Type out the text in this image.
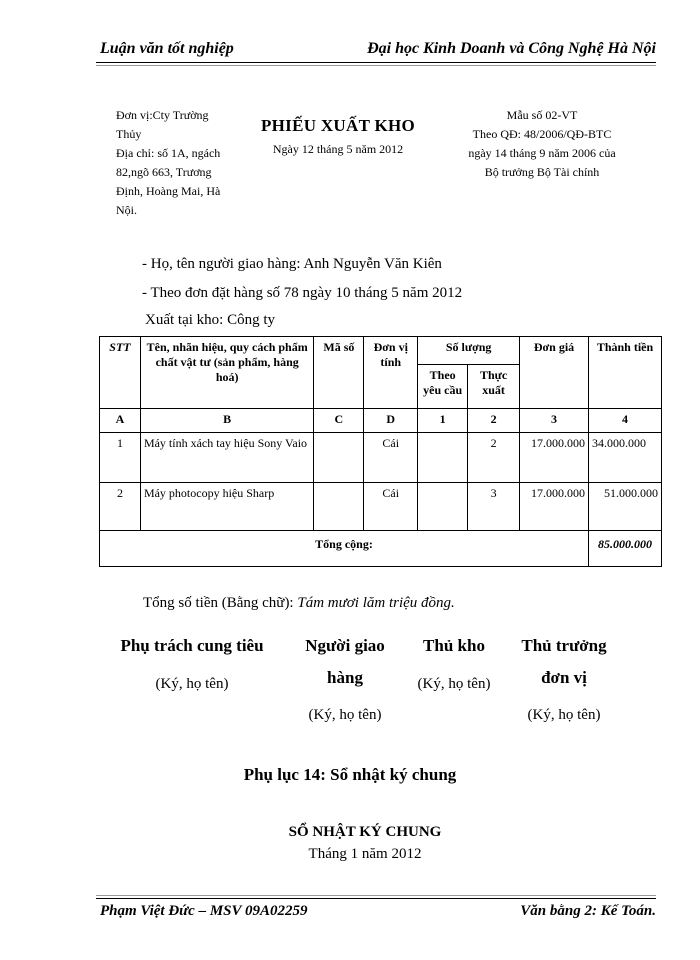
Luận văn tốt nghiệp	Đại học Kinh Doanh và Công Nghệ Hà Nội
Đơn vị:Cty Trường
Thủy
Địa chỉ: số 1A, ngách
82,ngõ 663, Trương
Định, Hoàng Mai, Hà
Nội.
PHIẾU XUẤT KHO
Ngày 12 tháng 5 năm 2012
Mẫu số 02-VT
Theo QĐ: 48/2006/QĐ-BTC
ngày 14 tháng 9 năm 2006 của
Bộ trưởng Bộ Tài chính
- Họ, tên người giao hàng: Anh Nguyễn Văn Kiên
- Theo đơn đặt hàng số 78 ngày 10 tháng 5 năm 2012
Xuất tại kho: Công ty
STT	Tên, nhãn hiệu, quy cách phẩm chất vật tư (sản phẩm, hàng hoá)	Mã số	Đơn vị tính	Số lượng		Đơn giá	Thành tiền
				Theo yêu cầu	Thực xuất		
A	B	C	D	1	2	3	4
1	Máy tính xách tay hiệu Sony Vaio		Cái		2	17.000.000	34.000.000
2	Máy photocopy hiệu Sharp		Cái		3	17.000.000	51.000.000
Tổng cộng:							85.000.000
Tổng số tiền (Bằng chữ): Tám mươi lăm triệu đồng.
Phụ trách cung tiêu
(Ký, họ tên)
Người giao
hàng
(Ký, họ tên)
Thủ kho
(Ký, họ tên)
Thủ trưởng
đơn vị
(Ký, họ tên)
Phụ lục 14: Sổ nhật ký chung
SỔ NHẬT KÝ CHUNG
Tháng 1 năm 2012
Phạm Việt Đức – MSV 09A02259	Văn bằng 2: Kế Toán.
